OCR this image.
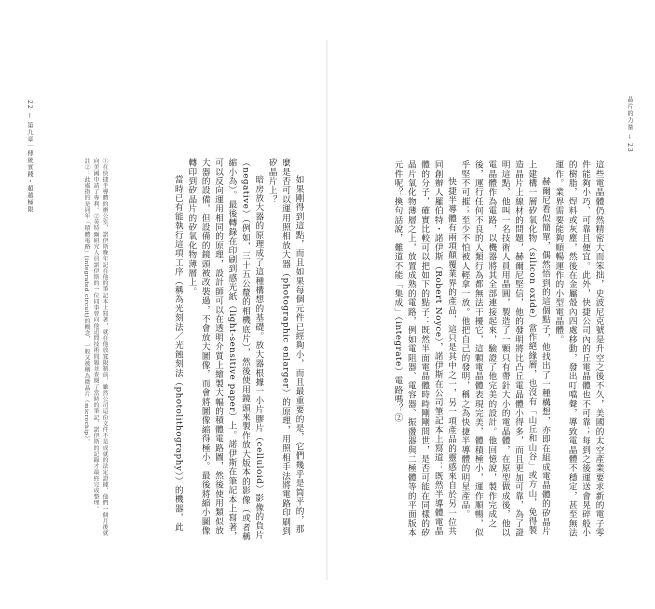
22
←
第九章｜傳統實踐・超越極限	①在快捷半導體的辦公室，諾伊斯晚年記在他的筆記本上寫著，就在他放寬限制前，雖然公司這份文件不是成就的法定證據，他們一個月後就向美國申請了專利。②英特爾研究人員諾伊斯的一位同事曾向他追問技術問題並查閱了當時的筆記，諾伊斯的記錄才最終完成整理。

註②：此處指的是同年「積體電路」(integrated circuit)的概念，一般又被稱為微晶片（microchip）。	如果剛得到這點，而且如果每個元件已經夠小，而且最重要的是，它們幾乎是筒平的，那麼是否可以運用照相放大器（photographic enlarger）的原理，用照相手法將電路印刷到矽晶片上？

暗房放大器的原理成了這種構想的基礎。放大器根據一小片膠片（celluloid）影像的負片（negative）（例如，三十五公釐的相機底片），然後使用鏡頭來製作放大版本的影像（或者稱縮小為）。最後轉錄在印刷到感光紙（light-sensitive paper）上。諾伊斯在筆記本上寫著，可以反向運用相同的原理，設計師可以在透明介質上繪製大幅的積體電路圖，然後使用類似放大器的設備，但設備的鏡頭被改裝過，不會放大圖像，而會將圖像縮得極小。最後將縮小圖像轉印到矽晶片的矽氧化物薄層上。

當時已有能執行這項工序（稱為光刻法／光蝕刻法（photolithography））的機器，此	這些電晶體仍然精密大而笨拙，史波尼克號是升空之後不久，美國的太空產業要求新的電子零件能夠小巧、可靠且便宜。此外，快捷公司內的丘電晶體也不可靠；每到之後運送會晃碎般小的樹脂，焊料或灰塵，然後在金屬殼內四處移動，發出叮噹聲，導致電晶體不穩定，甚至無法運作。業界需要能夠順暢運作的小型電晶體。

赫爾尼看似簡單，偶然悟到的這個點子，他找出了一種構想，亦即在組成電晶體的矽晶片上建構一層矽氧化物（silicon oxide）當作絕緣層，也沒有「山丘和山谷」或方山，免得製造晶片上線材的問題，赫爾尼堅信，他的發明將比凸丘電晶體小得多，而且更加可靠，為了證明這點，他叫一名技術人員用晶圓，製造了一顆只有帶針大小的電晶體，在原型做成後，他以電晶體作為電路，以機器將其全部連接起來，驗證了他完美的設計。他回憶說，製作完成之後，運行任何不良的人類行為都無法干擾它，這顆電晶體表現完美，體積極小，運作順暢，似乎堅不可摧；至少不怕被人輕拿一放。他把自己的發明，稱之為快捷半導體的明星產品。

快捷半導體有兩項顛覆業界的產品，這只是其中之一，另一項產品的靈感來自於另一位共同創辦人羅伯特・諾伊斯（Robert Noyce），諾伊斯在公司筆記本上寫道：既然半導體電晶體的分子，確實比較可以把如下的點子：既然半面電晶體時時剛剛問世，是否可能在同樣的矽晶片氧化物薄層之上，放置成熟的電路，例如電阻器、電容器、振盪器與二極體等的平面版本元件呢？換句話說，難道不能「集成」（integrate）電路嗎？②

晶片的力量
→
23
